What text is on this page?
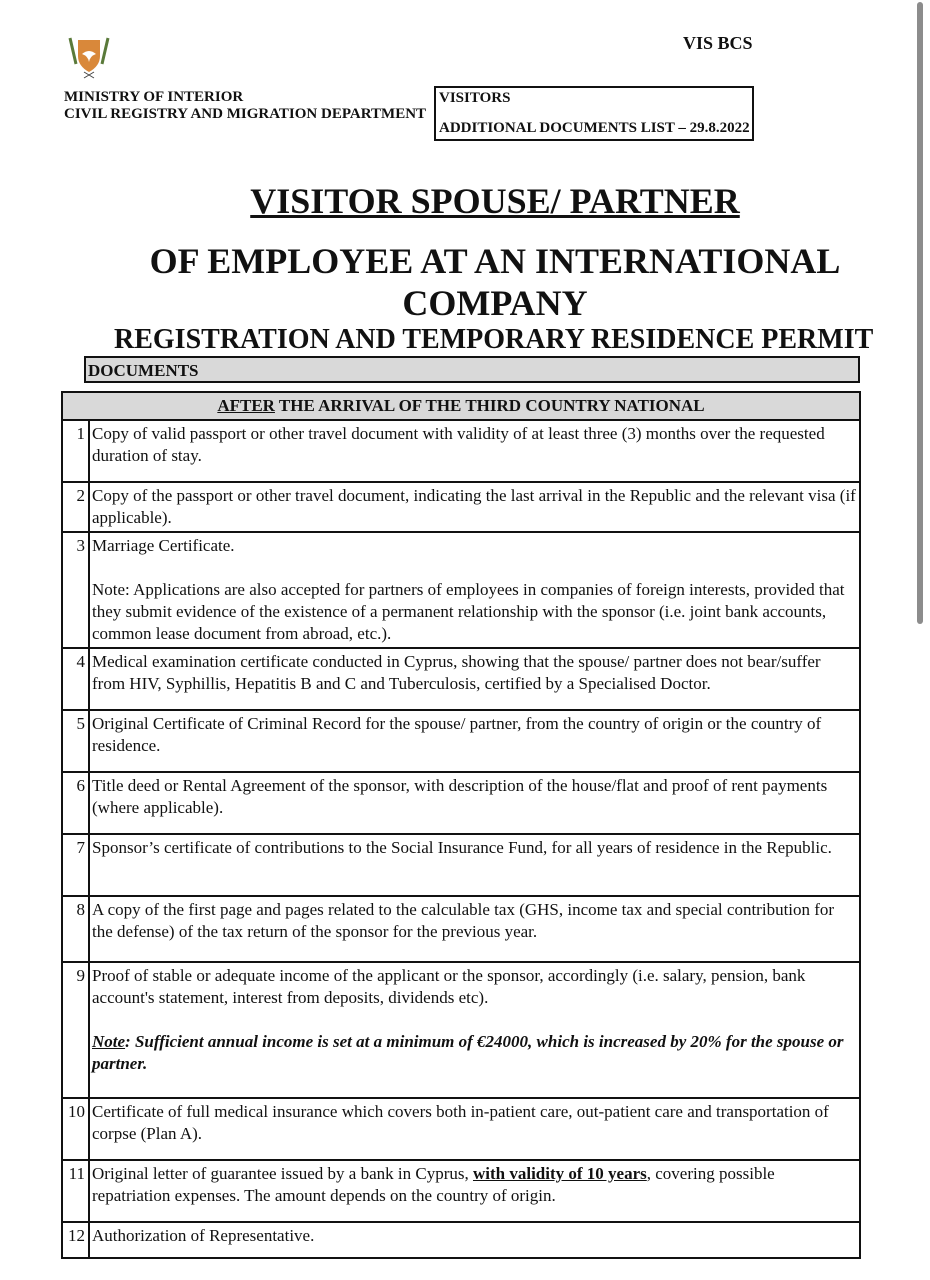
MINISTRY OF INTERIOR
CIVIL REGISTRY AND MIGRATION DEPARTMENT
VIS BCS
VISITORS
ADDITIONAL DOCUMENTS LIST – 29.8.2022
VISITOR SPOUSE/ PARTNER
OF EMPLOYEE AT AN INTERNATIONAL COMPANY
REGISTRATION AND TEMPORARY RESIDENCE PERMIT
DOCUMENTS
AFTER THE ARRIVAL OF THE THIRD COUNTRY NATIONAL	
1	Copy of valid passport or other travel document with validity of at least three (3) months over the requested duration of stay.
2	Copy of the passport or other travel document, indicating the last arrival in the Republic and the relevant visa (if applicable).
3	Marriage Certificate.
Note: Applications are also accepted for partners of employees in companies of foreign interests, provided that they submit evidence of the existence of a permanent relationship with the sponsor (i.e. joint bank accounts, common lease document from abroad, etc.).

4	Medical examination certificate conducted in Cyprus, showing that the spouse/ partner does not bear/suffer from HIV, Syphillis, Hepatitis B and C and Tuberculosis, certified by a Specialised Doctor.
5	Original Certificate of Criminal Record for the spouse/ partner, from the country of origin or the country of residence.
6	Title deed or Rental Agreement of the sponsor, with description of the house/flat and proof of rent payments (where applicable).
7	Sponsor’s certificate of contributions to the Social Insurance Fund, for all years of residence in the Republic.
8	A copy of the first page and pages related to the calculable tax (GHS, income tax and special contribution for the defense) of the tax return of the sponsor for the previous year.
9	Proof of stable or adequate income of the applicant or the sponsor, accordingly (i.e. salary, pension, bank account's statement, interest from deposits, dividends etc).
Note: Sufficient annual income is set at a minimum of €24000, which is increased by 20% for the spouse or partner.

10	Certificate of full medical insurance which covers both in-patient care, out-patient care and transportation of corpse (Plan A).
11	Original letter of guarantee issued by a bank in Cyprus, with validity of 10 years, covering possible repatriation expenses. The amount depends on the country of origin.
12	Authorization of Representative.
